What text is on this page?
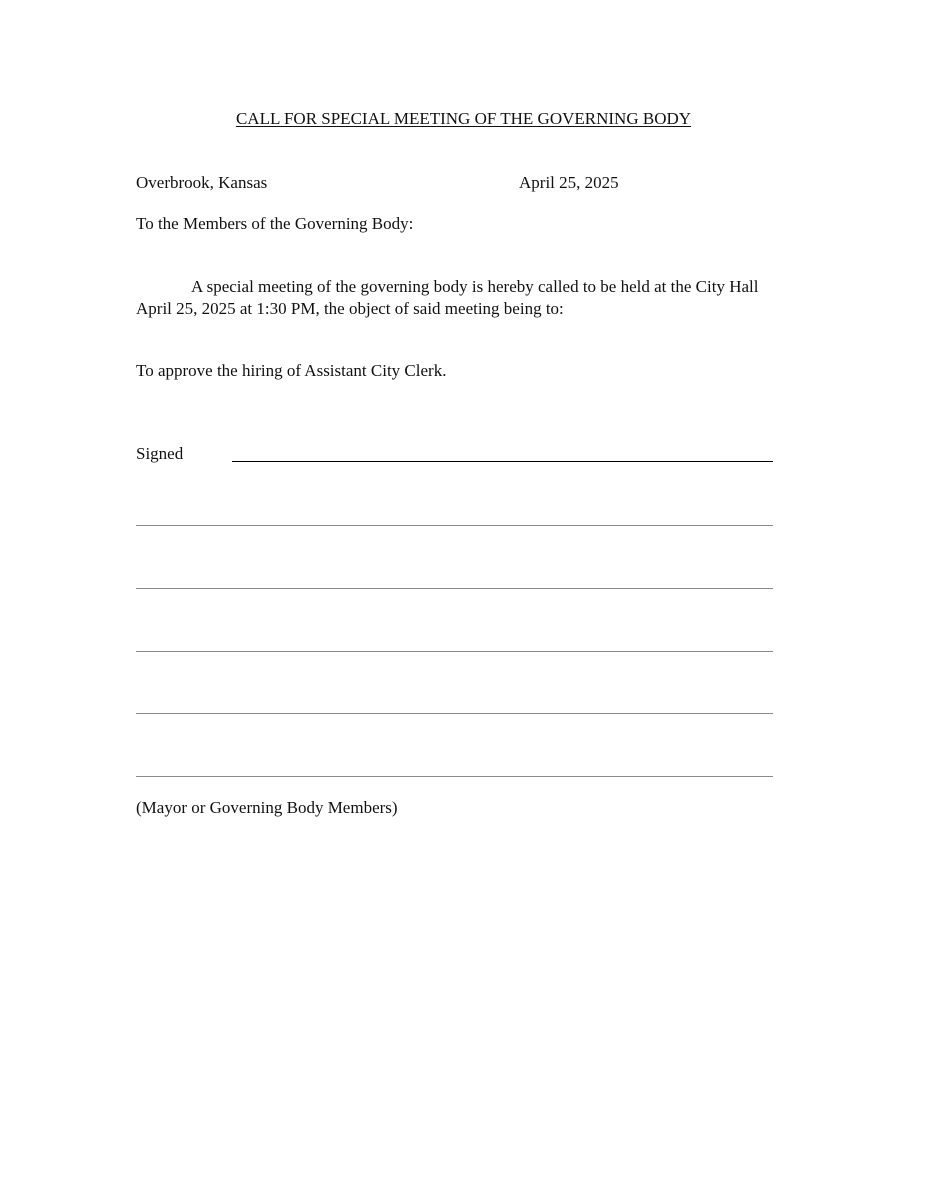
CALL FOR SPECIAL MEETING OF THE GOVERNING BODY
Overbrook, Kansas	April 25, 2025
To the Members of the Governing Body:
A special meeting of the governing body is hereby called to be held at the City Hall April 25, 2025 at 1:30 PM, the object of said meeting being to:
To approve the hiring of Assistant City Clerk.
Signed
(Mayor or Governing Body Members)
